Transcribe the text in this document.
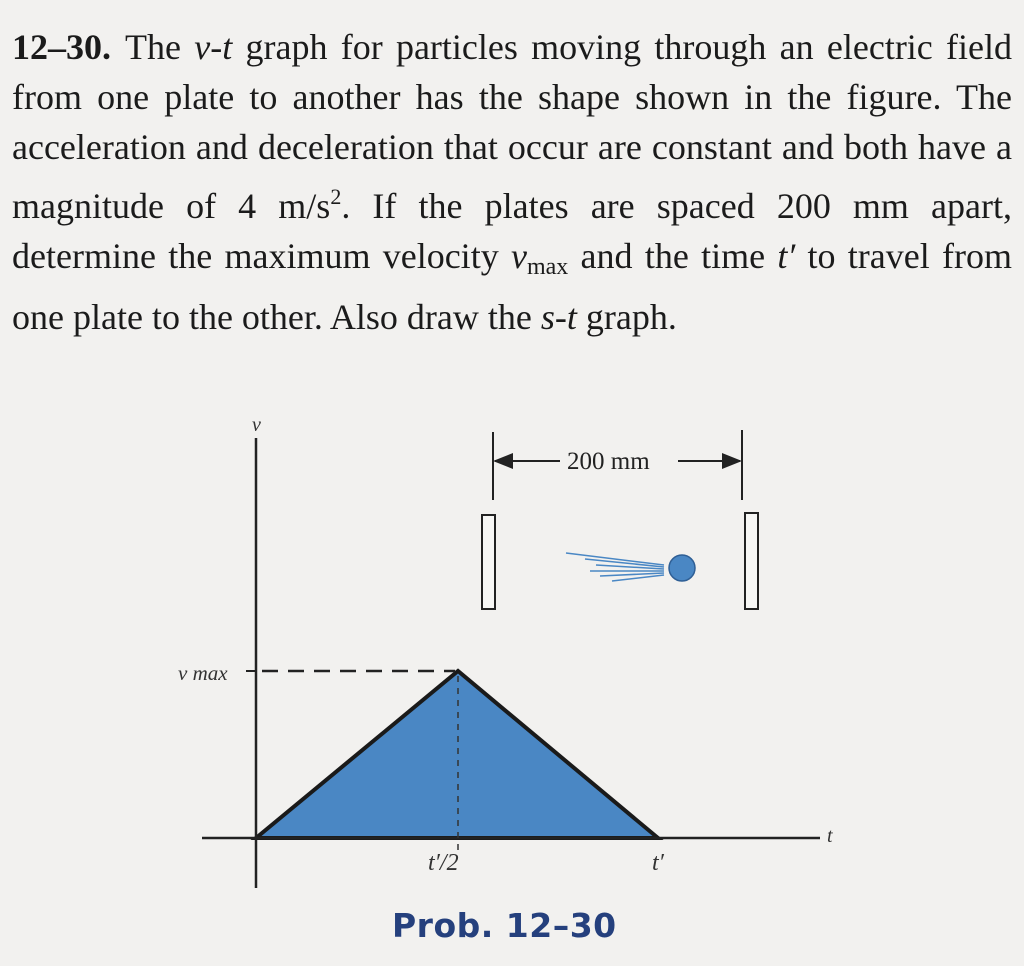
12–30. The v-t graph for particles moving through an electric field from one plate to another has the shape shown in the figure. The acceleration and deceleration that occur are constant and both have a magnitude of 4 $m/s^2$. If the plates are spaced 200 mm apart, determine the maximum velocity $v_{max}$ and the time t′ to travel from one plate to the other. Also draw the s-t graph.

v
t
v max
t′/2	t′
200 mm
Prob. 12–30
